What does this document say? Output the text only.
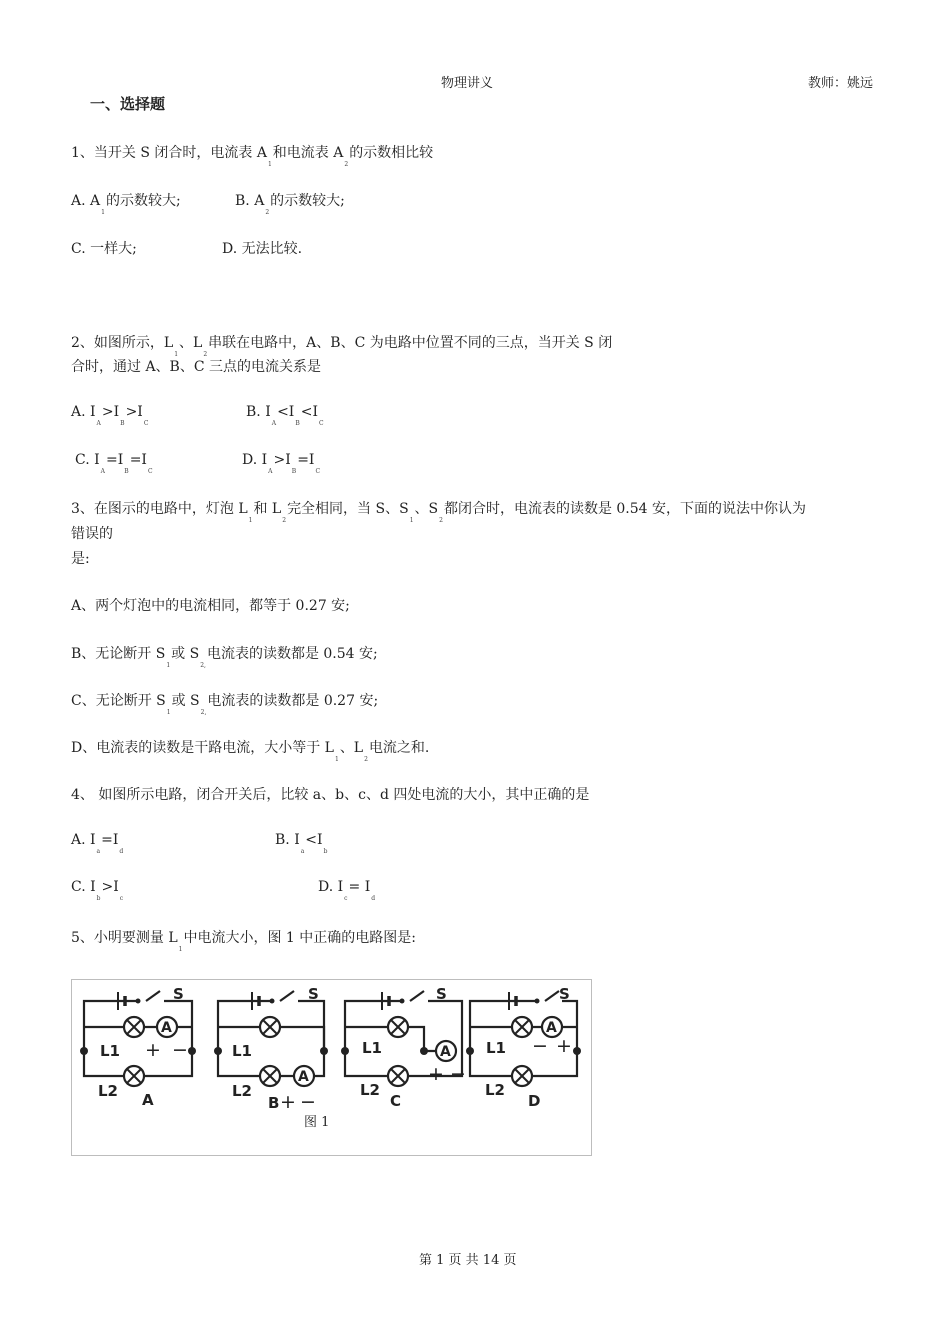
物理讲义	教师：姚远
一、选择题
1、当开关 S 闭合时，电流表 $A_1$和电流表 $A_2$的示数相比较
A. $A_1$的示数较大;	B. $A_2$的示数较大;
C. 一样大;	D. 无法比较.
2、如图所示，$L_1$、$L_2$串联在电路中，A、B、C 为电路中位置不同的三点，当开关 S 闭
合时，通过 A、B、C 三点的电流关系是
A. $I_A>I_B>I_C$
B. $I_A<I_B<I_C$
C. $I_A=I_B=I_C$
D. $I_A>I_B=I_C$
3、在图示的电路中，灯泡 $L_1$和 $L_2$完全相同，当 S、$S_1$、$S_2$都闭合时，电流表的读数是 0.54 安，下面的说法中你认为
错误的
是:
A、两个灯泡中的电流相同，都等于 0.27 安;
B、无论断开 $S_1$或 $S_{2,}$电流表的读数都是 0.54 安;
C、无论断开 $S_1$或 $S_{2,}$电流表的读数都是 0.27 安;
D、电流表的读数是干路电流，大小等于 $L_1$、$L_2$电流之和.
4、 如图所示电路，闭合开关后，比较 a、b、c、d 四处电流的大小，其中正确的是
A. $I_a=I_d$
B. $I_a<I_b$
C. $I_b>I_c$
D. $I_c= I_d$
5、小明要测量 $L_1$中电流大小，图 1 中正确的电路图是:
S
A
L1 + −
L2 A
S
A
L1
L2
B + −
S
A
L1
+ −
L2
C
S
A
L1 − +
L2
D
图 1
第 1 页 共 14 页
